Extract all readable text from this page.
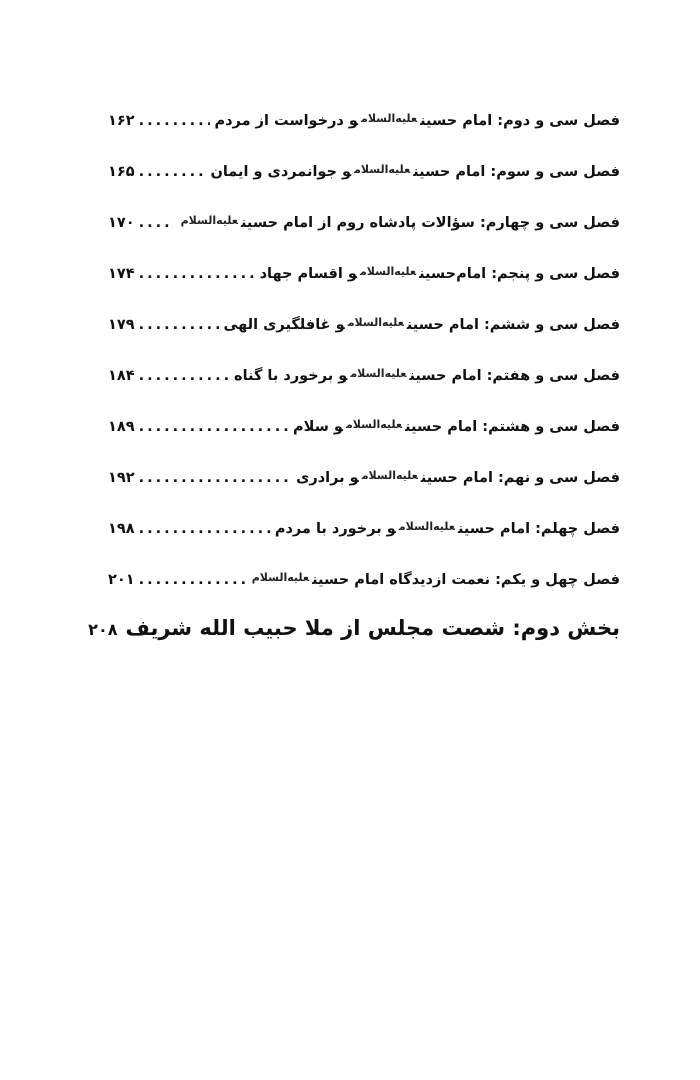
فصل سی و دوم: امام حسین$^{علیه‌السلام}$و درخواست از مردم
.....
۱۶۲
فصل سی و سوم: امام حسین$^{علیه‌السلام}$و جوانمردی و ایمان
.....
۱۶۵
فصل سی و چهارم: سؤالات پادشاه روم از امام حسین$^{علیه‌السلام}$
.....
۱۷۰
فصل سی و پنجم: امام‌حسین$^{علیه‌السلام}$و اقسام جهاد
.....
۱۷۴
فصل سی و ششم: امام حسین$^{علیه‌السلام}$و غافلگیری الهی
.....
۱۷۹
فصل سی و هفتم: امام حسین$^{علیه‌السلام}$و برخورد با گناه
.....
۱۸۴
فصل سی و هشتم: امام حسین$^{علیه‌السلام}$و سلام
.....
۱۸۹
فصل سی و نهم: امام حسین$^{علیه‌السلام}$و برادری
.....
۱۹۲
فصل چهلم: امام حسین$^{علیه‌السلام}$و برخورد با مردم
.....
۱۹۸
فصل چهل و یکم: نعمت ازدیدگاه امام حسین$^{علیه‌السلام}$
.....
۲۰۱
بخش دوم: شصت مجلس از ملا حبیب الله شریف
۲۰۸
